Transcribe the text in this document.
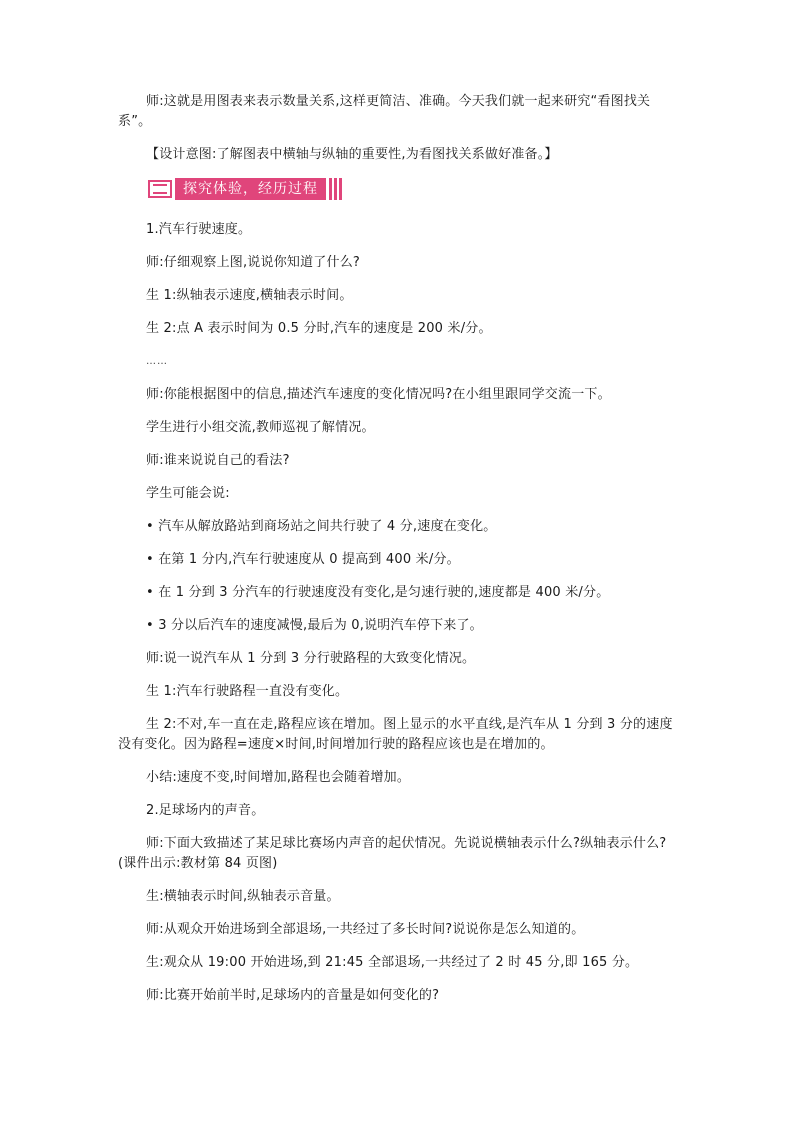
师:这就是用图表来表示数量关系,这样更简洁、准确。今天我们就一起来研究“看图找关系”。

【设计意图:了解图表中横轴与纵轴的重要性,为看图找关系做好准备。】

探究体验，经历过程

1.汽车行驶速度。

师:仔细观察上图,说说你知道了什么?

生 1:纵轴表示速度,横轴表示时间。

生 2:点 A 表示时间为 0.5 分时,汽车的速度是 200 米/分。

……

师:你能根据图中的信息,描述汽车速度的变化情况吗?在小组里跟同学交流一下。

学生进行小组交流,教师巡视了解情况。

师:谁来说说自己的看法?

学生可能会说:

• 汽车从解放路站到商场站之间共行驶了 4 分,速度在变化。

• 在第 1 分内,汽车行驶速度从 0 提高到 400 米/分。

• 在 1 分到 3 分汽车的行驶速度没有变化,是匀速行驶的,速度都是 400 米/分。

• 3 分以后汽车的速度减慢,最后为 0,说明汽车停下来了。

师:说一说汽车从 1 分到 3 分行驶路程的大致变化情况。

生 1:汽车行驶路程一直没有变化。

生 2:不对,车一直在走,路程应该在增加。图上显示的水平直线,是汽车从 1 分到 3 分的速度没有变化。因为路程=速度×时间,时间增加行驶的路程应该也是在增加的。

小结:速度不变,时间增加,路程也会随着增加。

2.足球场内的声音。

师:下面大致描述了某足球比赛场内声音的起伏情况。先说说横轴表示什么?纵轴表示什么?(课件出示:教材第 84 页图)

生:横轴表示时间,纵轴表示音量。

师:从观众开始进场到全部退场,一共经过了多长时间?说说你是怎么知道的。

生:观众从 19:00 开始进场,到 21:45 全部退场,一共经过了 2 时 45 分,即 165 分。

师:比赛开始前半时,足球场内的音量是如何变化的?
